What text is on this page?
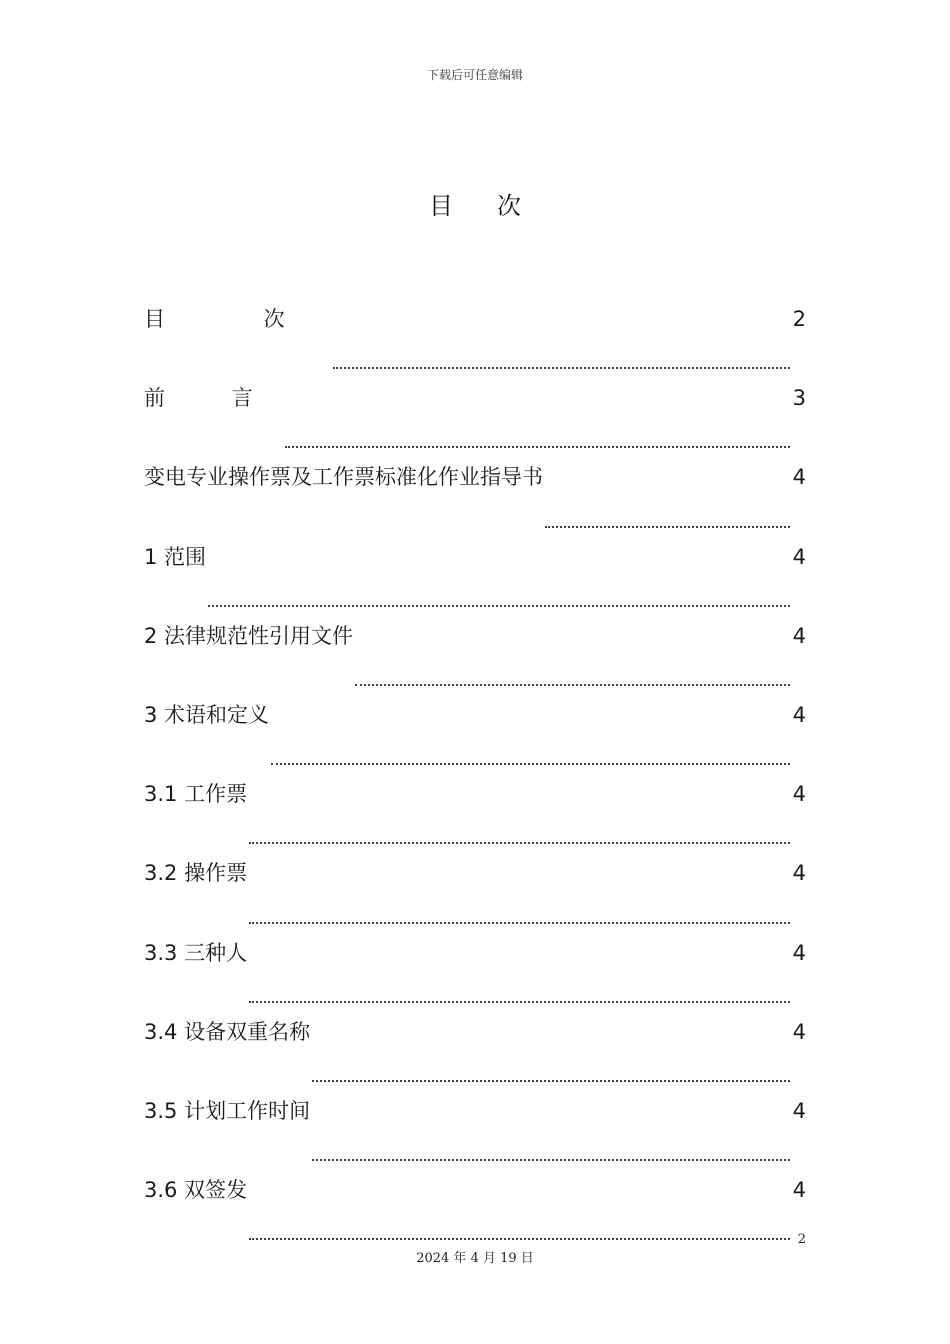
下载后可任意编辑
目次
目 次	2
前 言	3
变电专业操作票及工作票标准化作业指导书	4
1 范围	4
2 法律规范性引用文件	4
3 术语和定义	4
3.1 工作票	4
3.2 操作票	4
3.3 三种人	4
3.4 设备双重名称	4
3.5 计划工作时间	4
3.6 双签发	4
2
2024 年 4 月 19 日
